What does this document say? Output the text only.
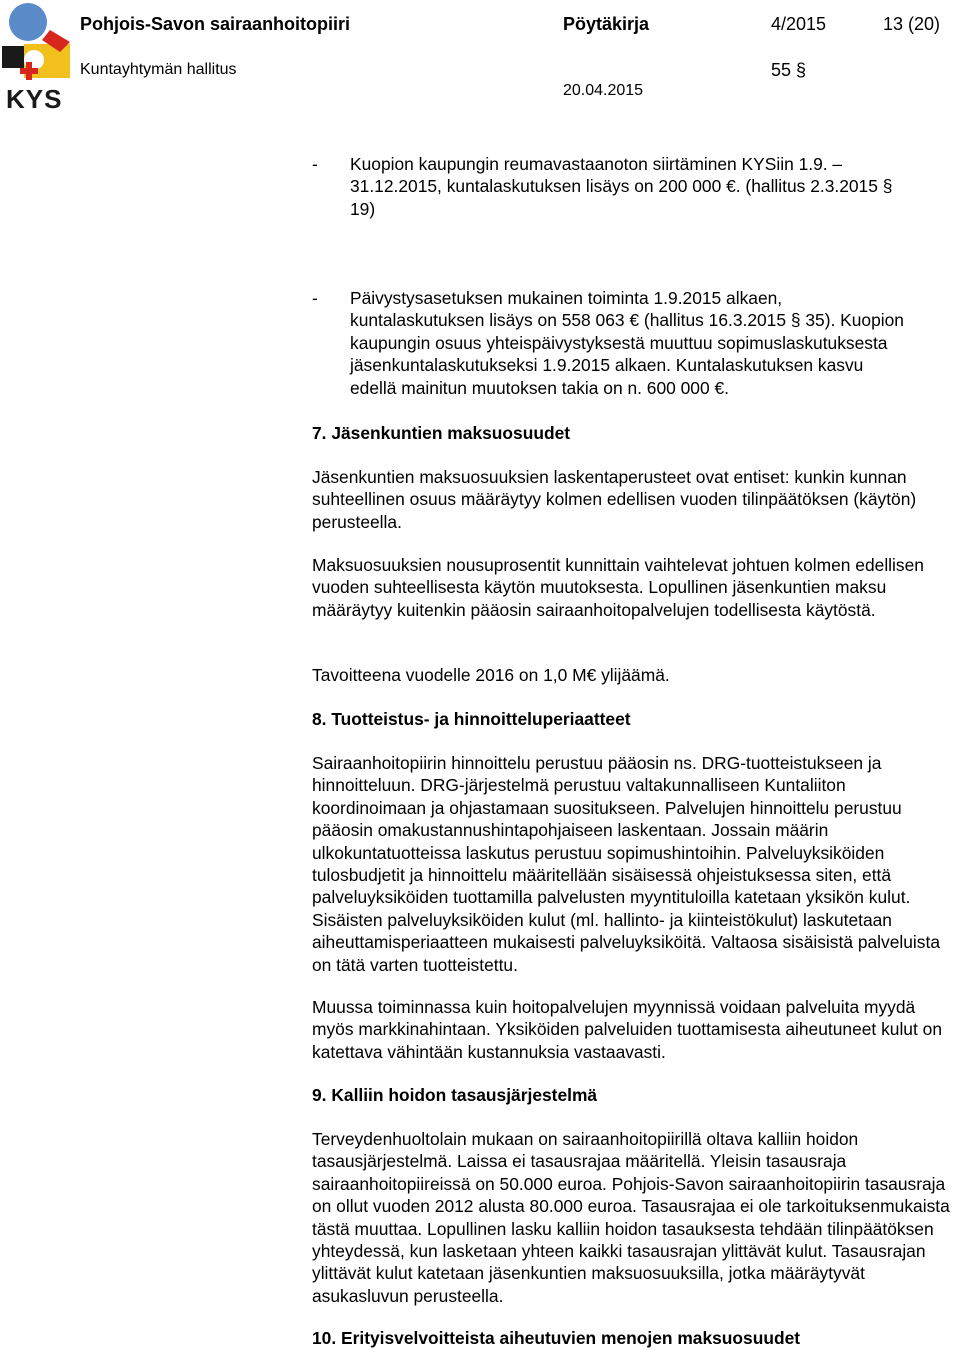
KYS
Pohjois-Savon sairaanhoitopiiri	Pöytäkirja	4/2015	13 (20)
Kuntayhtymän hallitus	55 §
20.04.2015
- Kuopion kaupungin reumavastaanoton siirtäminen KYSiin 1.9. – 31.12.2015, kuntalaskutuksen lisäys on 200 000 €. (hallitus 2.3.2015 § 19)
- Päivystysasetuksen mukainen toiminta 1.9.2015 alkaen, kuntalaskutuksen lisäys on 558 063 € (hallitus 16.3.2015 § 35). Kuopion kaupungin osuus yhteispäivystyksestä muuttuu sopimuslaskutuksesta jäsenkuntalaskutukseksi 1.9.2015 alkaen. Kuntalaskutuksen kasvu edellä mainitun muutoksen takia on n. 600 000 €.
7. Jäsenkuntien maksuosuudet
Jäsenkuntien maksuosuuksien laskentaperusteet ovat entiset: kunkin kunnan suhteellinen osuus määräytyy kolmen edellisen vuoden tilinpäätöksen (käytön) perusteella.
Maksuosuuksien nousuprosentit kunnittain vaihtelevat johtuen kolmen edellisen vuoden suhteellisesta käytön muutoksesta. Lopullinen jäsenkuntien maksu määräytyy kuitenkin pääosin sairaanhoitopalvelujen todellisesta käytöstä.
Tavoitteena vuodelle 2016 on 1,0 M€ ylijäämä.
8. Tuotteistus- ja hinnoitteluperiaatteet
Sairaanhoitopiirin hinnoittelu perustuu pääosin ns. DRG-tuotteistukseen ja hinnoitteluun. DRG-järjestelmä perustuu valtakunnalliseen Kuntaliiton koordinoimaan ja ohjastamaan suositukseen. Palvelujen hinnoittelu perustuu pääosin omakustannushintapohjaiseen laskentaan. Jossain määrin ulkokuntatuotteissa laskutus perustuu sopimushintoihin. Palveluyksiköiden tulosbudjetit ja hinnoittelu määritellään sisäisessä ohjeistuksessa siten, että palveluyksiköiden tuottamilla palvelusten myyntituloilla katetaan yksikön kulut. Sisäisten palveluyksiköiden kulut (ml. hallinto- ja kiinteistökulut) laskutetaan aiheuttamisperiaatteen mukaisesti palveluyksiköitä. Valtaosa sisäisistä palveluista on tätä varten tuotteistettu.
Muussa toiminnassa kuin hoitopalvelujen myynnissä voidaan palveluita myydä myös markkinahintaan. Yksiköiden palveluiden tuottamisesta aiheutuneet kulut on katettava vähintään kustannuksia vastaavasti.
9. Kalliin hoidon tasausjärjestelmä
Terveydenhuoltolain mukaan on sairaanhoitopiirillä oltava kalliin hoidon tasausjärjestelmä. Laissa ei tasausrajaa määritellä. Yleisin tasausraja sairaanhoitopiireissä on 50.000 euroa. Pohjois-Savon sairaanhoitopiirin tasausraja on ollut vuoden 2012 alusta 80.000 euroa. Tasausrajaa ei ole tarkoituksenmukaista tästä muuttaa. Lopullinen lasku kalliin hoidon tasauksesta tehdään tilinpäätöksen yhteydessä, kun lasketaan yhteen kaikki tasausrajan ylittävät kulut. Tasausrajan ylittävät kulut katetaan jäsenkuntien maksuosuuksilla, jotka määräytyvät asukasluvun perusteella.
10. Erityisvelvoitteista aiheutuvien menojen maksuosuudet
